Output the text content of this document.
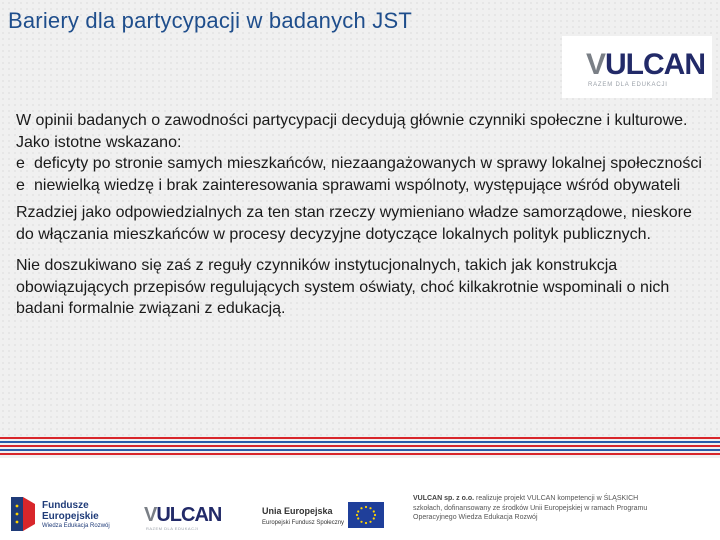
Bariery dla partycypacji w badanych JST
VULCAN
RAZEM DLA EDUKACJI

W opinii badanych o zawodności partycypacji decydują głównie czynniki społeczne i kulturowe. Jako istotne wskazano:

e deficyty po stronie samych mieszkańców, niezaangażowanych w sprawy lokalnej społeczności
e niewielką wiedzę i brak zainteresowania sprawami wspólnoty, występujące wśród obywateli

Rzadziej jako odpowiedzialnych za ten stan rzeczy wymieniano władze samorządowe, nieskore do włączania mieszkańców w procesy decyzyjne dotyczące lokalnych polityk publicznych.

Nie doszukiwano się zaś z reguły czynników instytucjonalnych, takich jak konstrukcja obowiązujących przepisów regulujących system oświaty, choć kilkakrotnie wspominali o nich badani formalnie związani z edukacją.

Fundusze
Europejskie
Wiedza Edukacja Rozwój VULCAN
RAZEM DLA EDUKACJI
Unia Europejska
Europejski Fundusz Społeczny
VULCAN sp. z o.o. realizuje projekt VULCAN kompetencji w ŚLĄSKICH
szkołach, dofinansowany ze środków Unii Europejskiej w ramach Programu
Operacyjnego Wiedza Edukacja Rozwój
